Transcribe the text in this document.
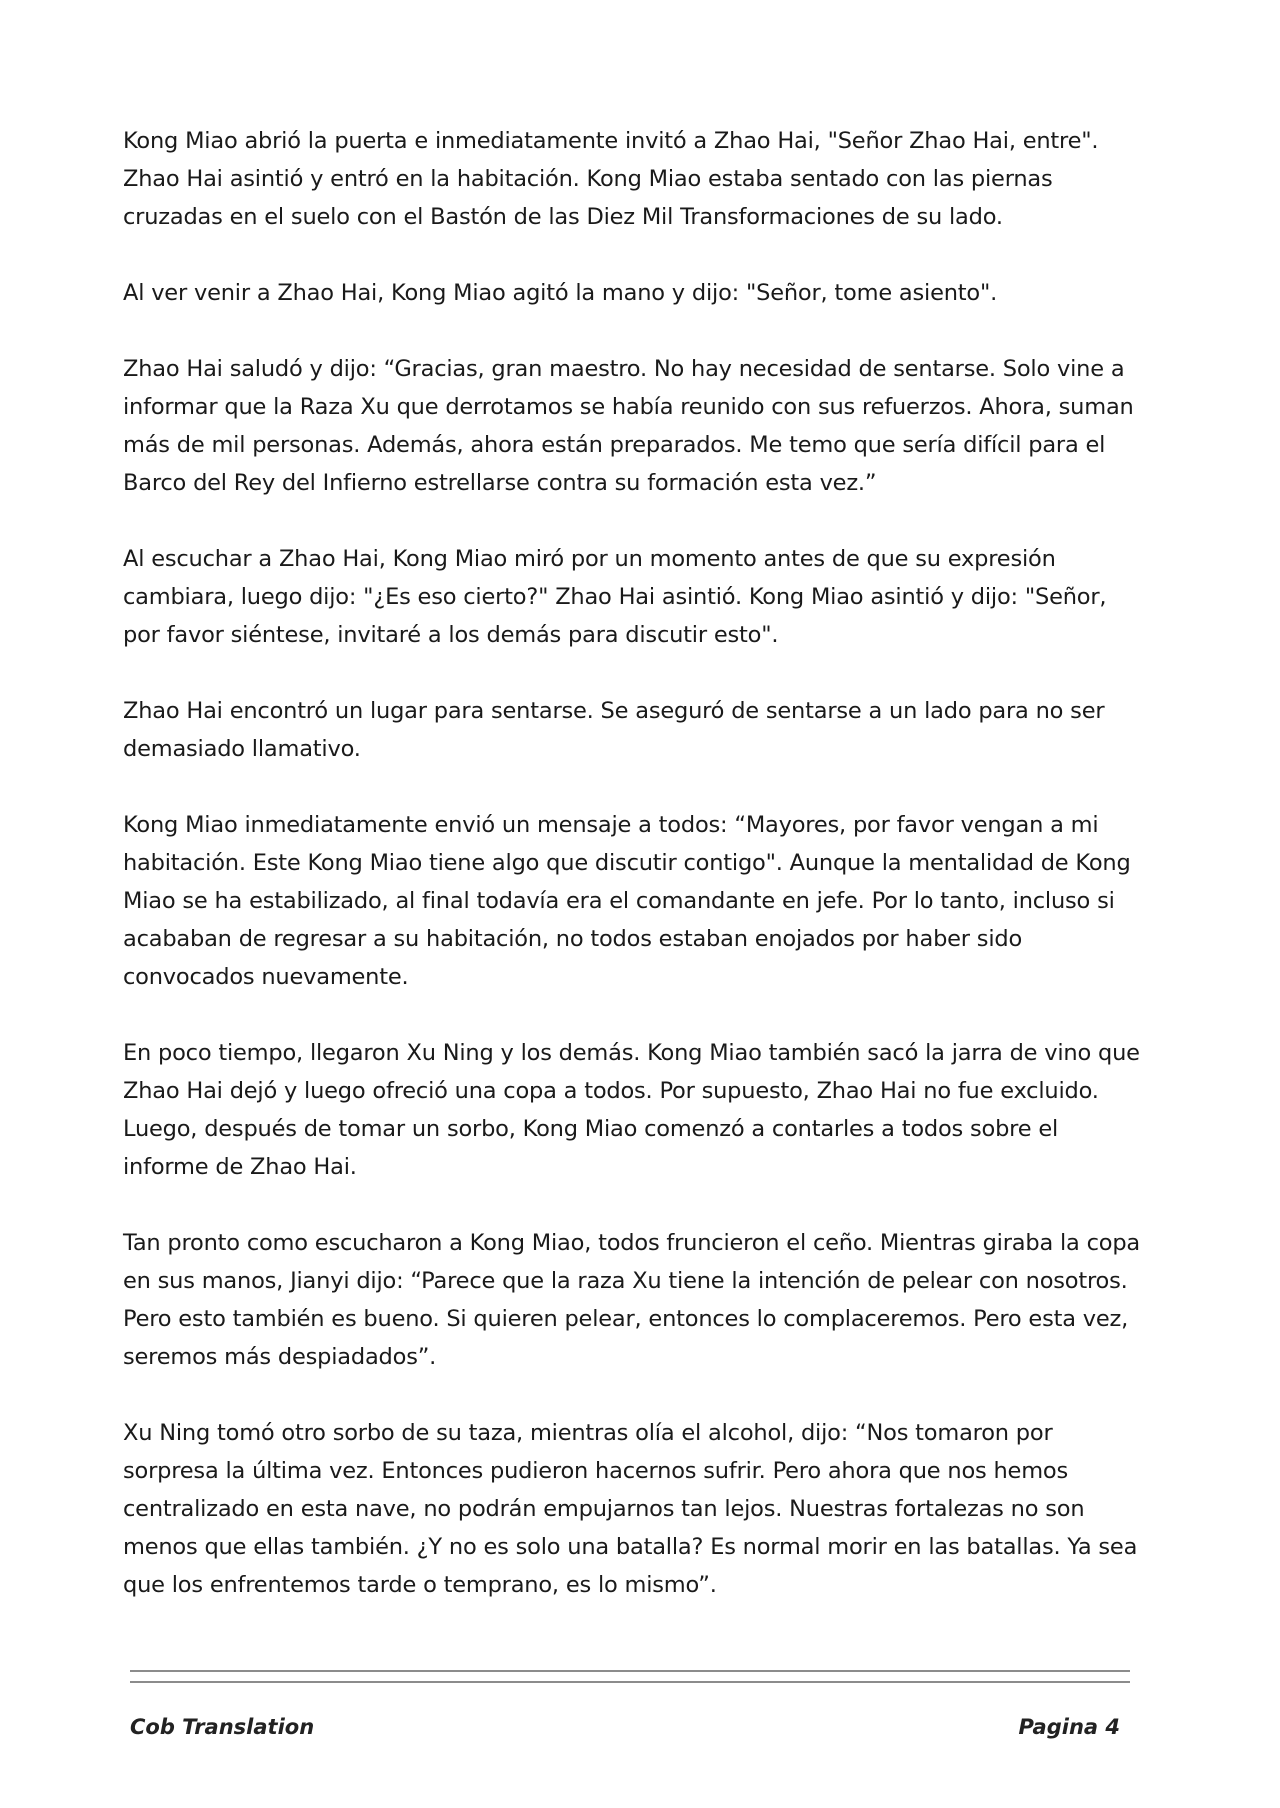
Kong Miao abrió la puerta e inmediatamente invitó a Zhao Hai, "Señor Zhao Hai, entre". Zhao Hai asintió y entró en la habitación. Kong Miao estaba sentado con las piernas cruzadas en el suelo con el Bastón de las Diez Mil Transformaciones de su lado.

Al ver venir a Zhao Hai, Kong Miao agitó la mano y dijo: "Señor, tome asiento".

Zhao Hai saludó y dijo: “Gracias, gran maestro. No hay necesidad de sentarse. Solo vine a informar que la Raza Xu que derrotamos se había reunido con sus refuerzos. Ahora, suman más de mil personas. Además, ahora están preparados. Me temo que sería difícil para el Barco del Rey del Infierno estrellarse contra su formación esta vez.”

Al escuchar a Zhao Hai, Kong Miao miró por un momento antes de que su expresión cambiara, luego dijo: "¿Es eso cierto?" Zhao Hai asintió. Kong Miao asintió y dijo: "Señor, por favor siéntese, invitaré a los demás para discutir esto".

Zhao Hai encontró un lugar para sentarse. Se aseguró de sentarse a un lado para no ser demasiado llamativo.

Kong Miao inmediatamente envió un mensaje a todos: “Mayores, por favor vengan a mi habitación. Este Kong Miao tiene algo que discutir contigo". Aunque la mentalidad de Kong Miao se ha estabilizado, al final todavía era el comandante en jefe. Por lo tanto, incluso si acababan de regresar a su habitación, no todos estaban enojados por haber sido convocados nuevamente.

En poco tiempo, llegaron Xu Ning y los demás. Kong Miao también sacó la jarra de vino que Zhao Hai dejó y luego ofreció una copa a todos. Por supuesto, Zhao Hai no fue excluido. Luego, después de tomar un sorbo, Kong Miao comenzó a contarles a todos sobre el informe de Zhao Hai.

Tan pronto como escucharon a Kong Miao, todos fruncieron el ceño. Mientras giraba la copa en sus manos, Jianyi dijo: “Parece que la raza Xu tiene la intención de pelear con nosotros. Pero esto también es bueno. Si quieren pelear, entonces lo complaceremos. Pero esta vez, seremos más despiadados”.

Xu Ning tomó otro sorbo de su taza, mientras olía el alcohol, dijo: “Nos tomaron por sorpresa la última vez. Entonces pudieron hacernos sufrir. Pero ahora que nos hemos centralizado en esta nave, no podrán empujarnos tan lejos. Nuestras fortalezas no son menos que ellas también. ¿Y no es solo una batalla? Es normal morir en las batallas. Ya sea que los enfrentemos tarde o temprano, es lo mismo”.

Cob Translation	Pagina 4
